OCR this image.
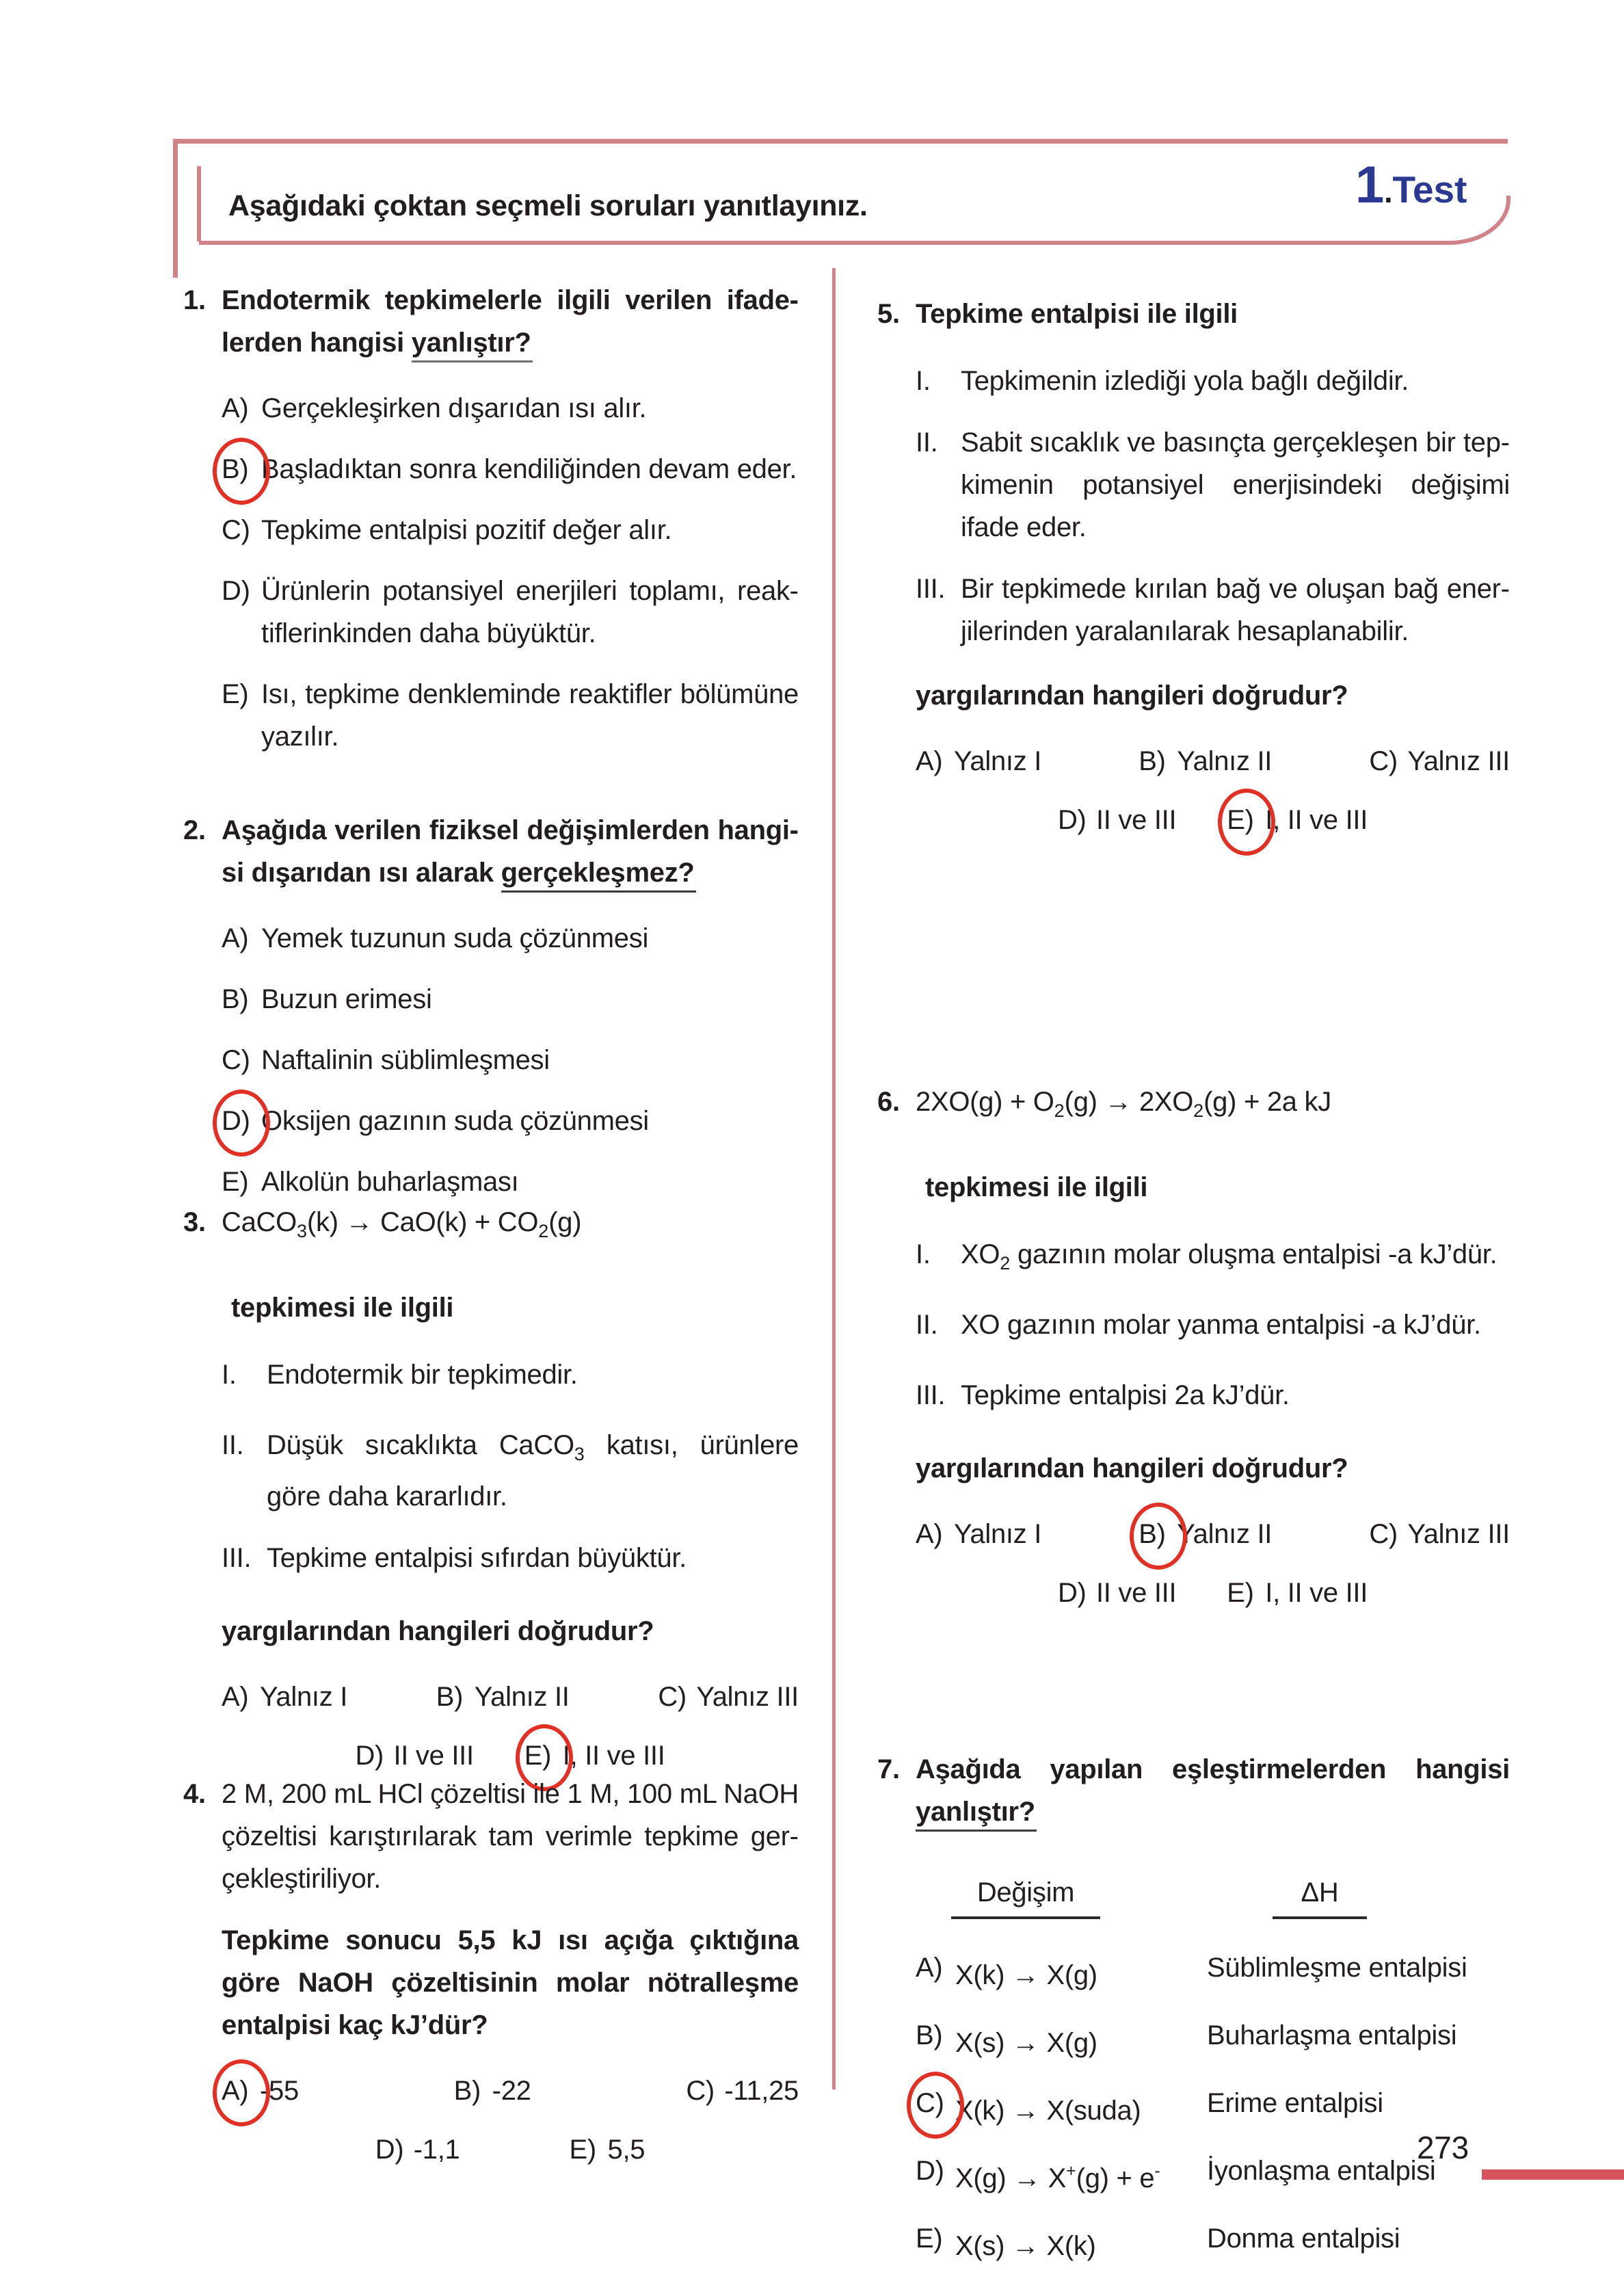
Aşağıdaki çoktan seçmeli soruları yanıtlayınız.	1 . Test
1. Endotermik tepkimelerle ilgili verilen ifadelerden hangisi yanlıştır?

A) Gerçekleşirken dışarıdan ısı alır.
B) Başladıktan sonra kendiliğinden devam eder.
C) Tepkime entalpisi pozitif değer alır.
D) Ürünlerin potansiyel enerjileri toplamı, reaktiflerinkinden daha büyüktür.
E) Isı, tepkime denkleminde reaktifler bölümüne yazılır.
2. Aşağıda verilen fiziksel değişimlerden hangisi dışarıdan ısı alarak gerçekleşmez?

A) Yemek tuzunun suda çözünmesi
B) Buzun erimesi
C) Naftalinin süblimleşmesi
D) Oksijen gazının suda çözünmesi
E) Alkolün buharlaşması
3. CaCO$_3$(k) → $CaO(k) + CO_2(g)$

tepkimesi ile ilgili

I.	Endotermik bir tepkimedir.
II. Düşük sıcaklıkta CaCO$_3$ katısı, ürünlere göre daha kararlıdır.
III. Tepkime entalpisi sıfırdan büyüktür.

yargılarından hangileri doğrudur?

A) Yalnız I	B) Yalnız II	C) Yalnız III
D) II ve III E) I, II ve III
4. 2 M, 200 mL HCl çözeltisi ile 1 M, 100 mL NaOH çözeltisi karıştırılarak tam verimle tepkime gerçekleştiriliyor.

Tepkime sonucu 5,5 kJ ısı açığa çıktığına göre NaOH çözeltisinin molar nötralleşme entalpisi kaç kJ’dür?

A) -55	B) -22	C) -11,25
D) -1,1	E) 5,5
5. Tepkime entalpisi ile ilgili

I.	Tepkimenin izlediği yola bağlı değildir.
II. Sabit sıcaklık ve basınçta gerçekleşen bir tepkimenin potansiyel enerjisindeki değişimi ifade eder.
III. Bir tepkimede kırılan bağ ve oluşan bağ enerjilerinden yaralanılarak hesaplanabilir.

yargılarından hangileri doğrudur?

A) Yalnız I	B) Yalnız II	C) Yalnız III
D) II ve III E) I, II ve III
6. $2XO(g) + O_2(g) \to 2XO_2(g) + 2a$ kJ

tepkimesi ile ilgili

I.	$XO_2$ gazının molar oluşma entalpisi -a kJ’dür.
II. XO gazının molar yanma entalpisi -a kJ’dür.
III. Tepkime entalpisi 2a kJ’dür.

yargılarından hangileri doğrudur?

A) Yalnız I	B) Yalnız II	C) Yalnız III
D) II ve III E) I, II ve III
7. Aşağıda yapılan eşleştirmelerden hangisi yanlıştır?

Değişim	ΔH
A) X(k) → X(g)	Süblimleşme entalpisi
B) X(s) → X(g)	Buharlaşma entalpisi
C) X(k) → X(suda)	Erime entalpisi
D) X(g) → X+(g) + e-	İyonlaşma entalpisi
E) X(s) → X(k)	Donma entalpisi
273
